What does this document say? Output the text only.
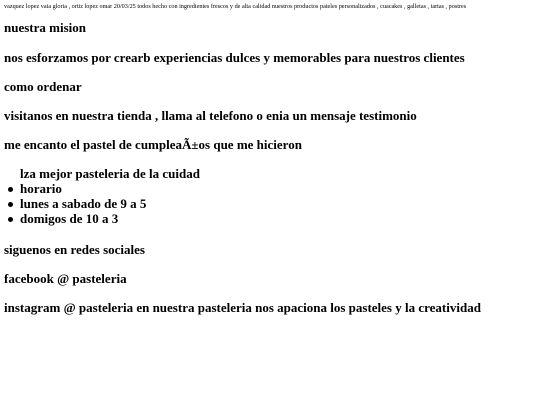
vazquez lopez vaia gloria , ortiz lopez omar 20/03/25 todos hecho con ingredientes frescos y de alta calidad nuestros productos pateles personalizados , cuacakes , galletas , tartas , postres

nuestra mision
nos esforzamos por crearb experiencias dulces y memorables para nuestros clientes
como ordenar
visitanos en nuestra tienda , llama al telefono o enia un mensaje testimonio
me encanto el pastel de cumpleaÃ±os que me hicieron
lza mejor pasteleria de la cuidad
horario
lunes a sabado de 9 a 5
domigos de 10 a 3
siguenos en redes sociales
facebook @ pasteleria
instagram @ pasteleria en nuestra pasteleria nos apaciona los pasteles y la creatividad
